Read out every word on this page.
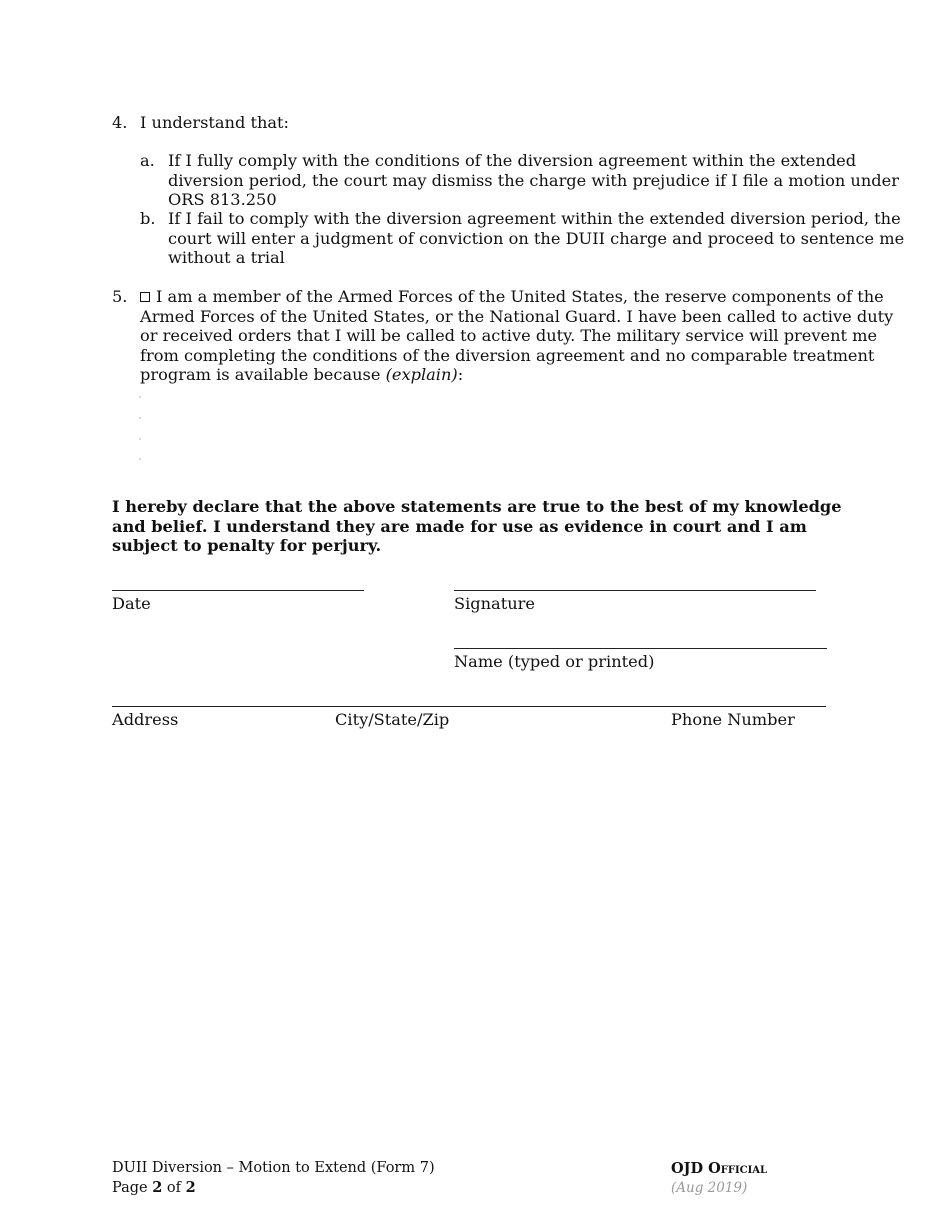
4. I understand that:
a. If I fully comply with the conditions of the diversion agreement within the extended
diversion period, the court may dismiss the charge with prejudice if I file a motion under
ORS 813.250
b. If I fail to comply with the diversion agreement within the extended diversion period, the
court will enter a judgment of conviction on the DUII charge and proceed to sentence me
without a trial
5.	I am a member of the Armed Forces of the United States, the reserve components of the
Armed Forces of the United States, or the National Guard. I have been called to active duty
or received orders that I will be called to active duty. The military service will prevent me
from completing the conditions of the diversion agreement and no comparable treatment
program is available because (explain):
I hereby declare that the above statements are true to the best of my knowledge
and belief. I understand they are made for use as evidence in court and I am
subject to penalty for perjury.
Date	Signature
Name (typed or printed)
Address	City/State/Zip	Phone Number
DUII Diversion – Motion to Extend (Form 7)
Page 2 of 2
OJD Official
(Aug 2019)
